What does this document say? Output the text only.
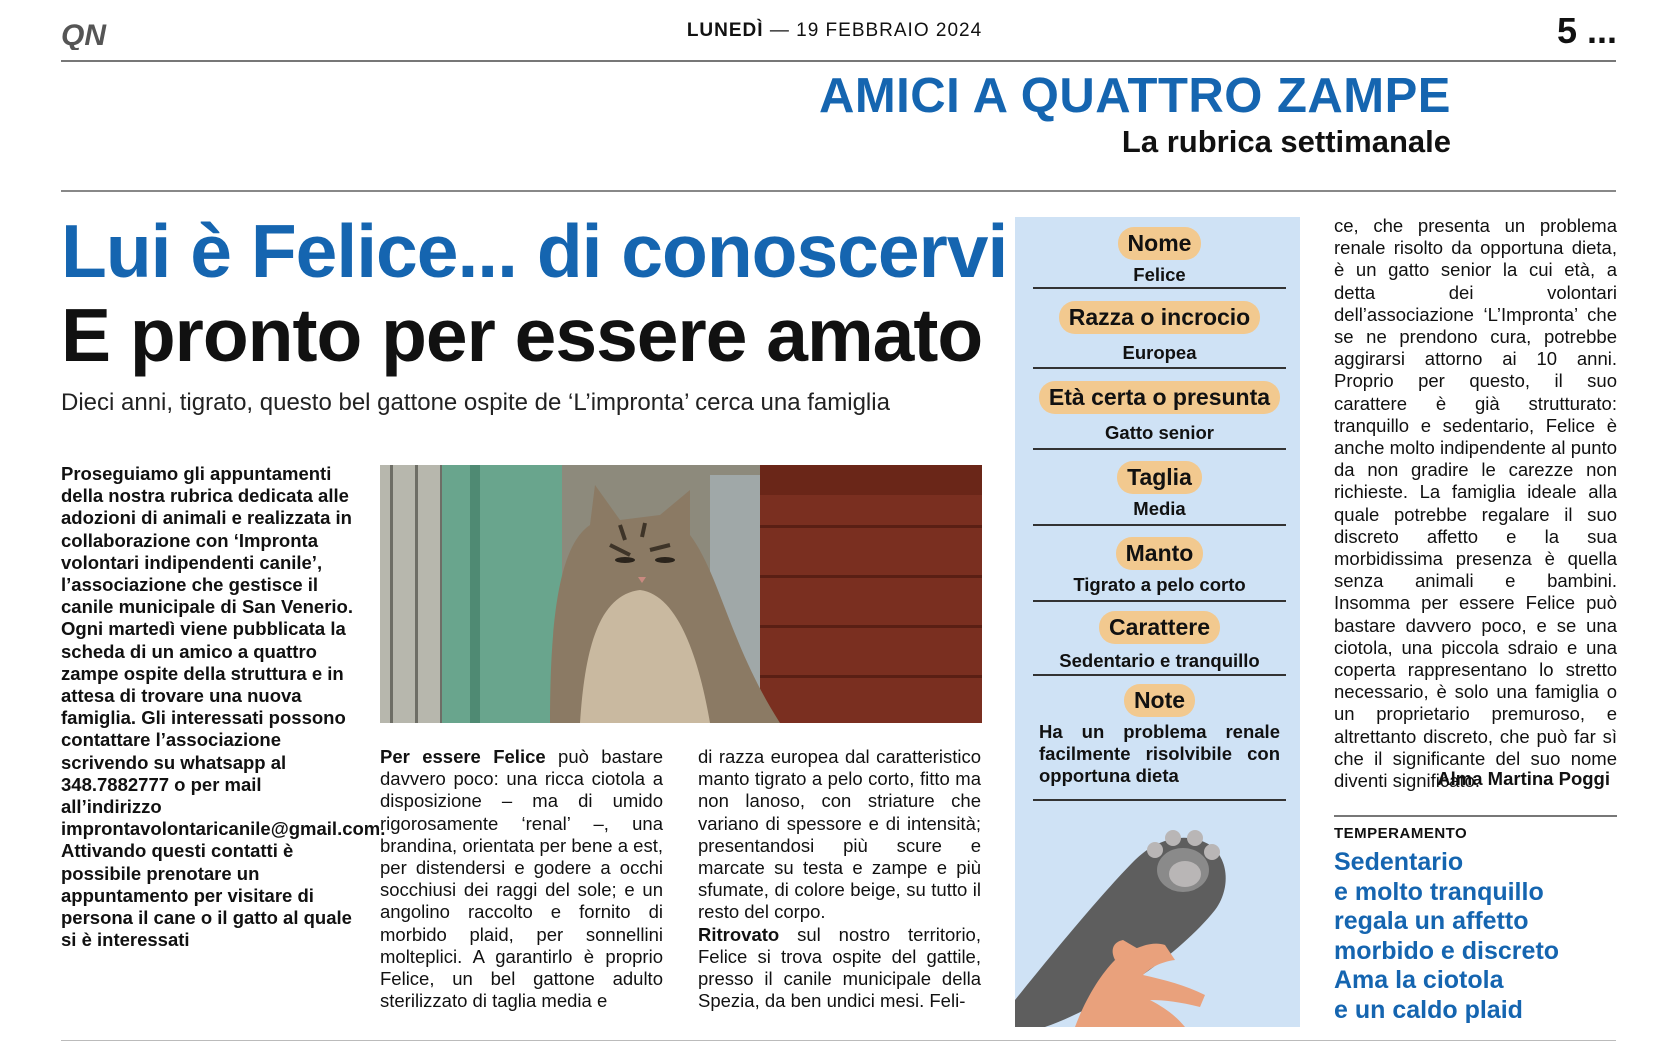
QN	LUNEDÌ — 19 FEBBRAIO 2024	5 ...
AMICI A QUATTRO ZAMPE
La rubrica settimanale
Lui è Felice... di conoscervi
E pronto per essere amato
Dieci anni, tigrato, questo bel gattone ospite de ‘L’impronta’ cerca una famiglia
Proseguiamo gli appuntamenti della nostra rubrica dedicata alle adozioni di animali e realizzata in collaborazione con ‘Impronta volontari indipendenti canile’, l’associazione che gestisce il canile municipale di San Venerio. Ogni martedì viene pubblicata la scheda di un amico a quattro zampe ospite della struttura e in attesa di trovare una nuova famiglia. Gli interessati possono contattare l’associazione scrivendo su whatsapp al 348.7882777 o per mail all’indirizzo improntavolontaricanile@gmail.com. Attivando questi contatti è possibile prenotare un appuntamento per visitare di persona il cane o il gatto al quale si è interessati
Per essere Felice può bastare davvero poco: una ricca ciotola a disposizione – ma di umido rigorosamente ‘renal’ –, una brandina, orientata per bene a est, per distendersi e godere a occhi socchiusi dei raggi del sole; e un angolino raccolto e fornito di morbido plaid, per sonnellini molteplici. A garantirlo è proprio Felice, un bel gattone adulto sterilizzato di taglia media e
di razza europea dal caratteristico manto tigrato a pelo corto, fitto ma non lanoso, con striature che variano di spessore e di intensità; presentandosi più scure e marcate su testa e zampe e più sfumate, di colore beige, su tutto il resto del corpo.
Ritrovato sul nostro territorio, Felice si trova ospite del gattile, presso il canile municipale della Spezia, da ben undici mesi. Feli-
Nome
Felice
Razza o incrocio
Europea
Età certa o presunta
Gatto senior
Taglia
Media
Manto
Tigrato a pelo corto
Carattere
Sedentario e tranquillo
Note
Ha un problema renale facilmente risolvibile con opportuna dieta
ce, che presenta un problema renale risolto da opportuna dieta, è un gatto senior la cui età, a detta dei volontari dell’associazione ‘L’Impronta’ che se ne prendono cura, potrebbe aggirarsi attorno ai 10 anni. Proprio per questo, il suo carattere è già strutturato: tranquillo e sedentario, Felice è anche molto indipendente al punto da non gradire le carezze non richieste. La famiglia ideale alla quale potrebbe regalare il suo discreto affetto e la sua morbidissima presenza è quella senza animali e bambini. Insomma per essere Felice può bastare davvero poco, e se una ciotola, una piccola sdraio e una coperta rappresentano lo stretto necessario, è solo una famiglia o un proprietario premuroso, e altrettanto discreto, che può far sì che il significante del suo nome diventi significato.
Alma Martina Poggi
TEMPERAMENTO
Sedentario
e molto tranquillo
regala un affetto
morbido e discreto
Ama la ciotola
e un caldo plaid
